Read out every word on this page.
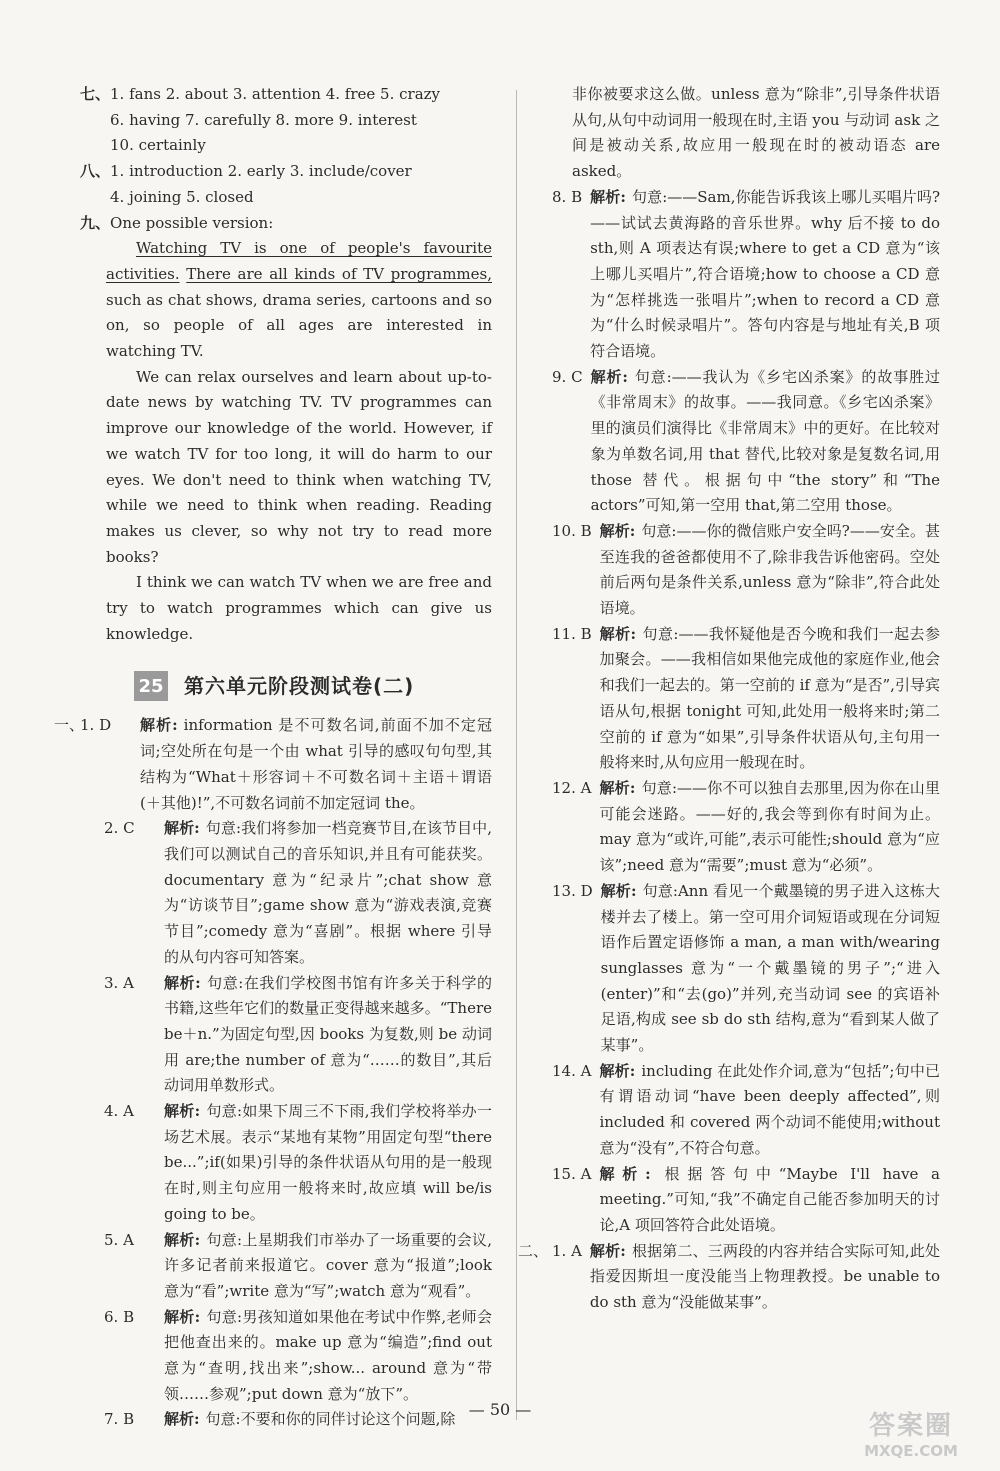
七、 1. fans 2. about 3. attention 4. free 5. crazy

6. having 7. carefully 8. more 9. interest

10. certainly

八、 1. introduction 2. early 3. include/cover

4. joining 5. closed

九、 One possible version:

Watching TV is one of people's favourite activities. There are all kinds of TV programmes, such as chat shows, drama series, cartoons and so on, so people of all ages are interested in watching TV.

We can relax ourselves and learn about up-to-date news by watching TV. TV programmes can improve our knowledge of the world. However, if we watch TV for too long, it will do harm to our eyes. We don't need to think when watching TV, while we need to think when reading. Reading makes us clever, so why not try to read more books?

I think we can watch TV when we are free and try to watch programmes which can give us knowledge.

25 第六单元阶段测试卷(二)
一、
1. D	解析: information 是不可数名词,前面不加不定冠词;空处所在句是一个由 what 引导的感叹句句型,其结构为“What＋形容词＋不可数名词＋主语＋谓语(＋其他)!”,不可数名词前不加定冠词 the。
2. C	解析: 句意:我们将参加一档竞赛节目,在该节目中,我们可以测试自己的音乐知识,并且有可能获奖。documentary 意为“纪录片”;chat show 意为“访谈节目”;game show 意为“游戏表演,竞赛节目”;comedy 意为“喜剧”。根据 where 引导的从句内容可知答案。
3. A	解析: 句意:在我们学校图书馆有许多关于科学的书籍,这些年它们的数量正变得越来越多。“There be＋n.”为固定句型,因 books 为复数,则 be 动词用 are;the number of 意为“……的数目”,其后动词用单数形式。
4. A	解析: 句意:如果下周三不下雨,我们学校将举办一场艺术展。表示“某地有某物”用固定句型“there be...”;if(如果)引导的条件状语从句用的是一般现在时,则主句应用一般将来时,故应填 will be/is going to be。
5. A	解析: 句意:上星期我们市举办了一场重要的会议,许多记者前来报道它。cover 意为“报道”;look 意为“看”;write 意为“写”;watch 意为“观看”。
6. B	解析: 句意:男孩知道如果他在考试中作弊,老师会把他查出来的。make up 意为“编造”;find out 意为“查明,找出来”;show... around 意为“带领……参观”;put down 意为“放下”。
7. B	解析: 句意:不要和你的同伴讨论这个问题,除
非你被要求这么做。unless 意为“除非”,引导条件状语从句,从句中动词用一般现在时,主语 you 与动词 ask 之间是被动关系,故应用一般现在时的被动语态 are asked。
8. B 解析: 句意:——Sam,你能告诉我该上哪儿买唱片吗?——试试去黄海路的音乐世界。why 后不接 to do sth,则 A 项表达有误;where to get a CD 意为“该上哪儿买唱片”,符合语境;how to choose a CD 意为“怎样挑选一张唱片”;when to record a CD 意为“什么时候录唱片”。答句内容是与地址有关,B 项符合语境。
9. C 解析: 句意:——我认为《乡宅凶杀案》的故事胜过《非常周末》的故事。——我同意。《乡宅凶杀案》里的演员们演得比《非常周末》中的更好。在比较对象为单数名词,用 that 替代,比较对象是复数名词,用 those 替代。根据句中“the story”和“The actors”可知,第一空用 that,第二空用 those。
10. B 解析: 句意:——你的微信账户安全吗?——安全。甚至连我的爸爸都使用不了,除非我告诉他密码。空处前后两句是条件关系,unless 意为“除非”,符合此处语境。
11. B 解析: 句意:——我怀疑他是否今晚和我们一起去参加聚会。——我相信如果他完成他的家庭作业,他会和我们一起去的。第一空前的 if 意为“是否”,引导宾语从句,根据 tonight 可知,此处用一般将来时;第二空前的 if 意为“如果”,引导条件状语从句,主句用一般将来时,从句应用一般现在时。
12. A 解析: 句意:——你不可以独自去那里,因为你在山里可能会迷路。——好的,我会等到你有时间为止。may 意为“或许,可能”,表示可能性;should 意为“应该”;need 意为“需要”;must 意为“必须”。
13. D 解析: 句意:Ann 看见一个戴墨镜的男子进入这栋大楼并去了楼上。第一空可用介词短语或现在分词短语作后置定语修饰 a man, a man with/wearing sunglasses 意为“一个戴墨镜的男子”;“进入(enter)”和“去(go)”并列,充当动词 see 的宾语补足语,构成 see sb do sth 结构,意为“看到某人做了某事”。
14. A 解析: including 在此处作介词,意为“包括”;句中已有谓语动词“have been deeply affected”,则 included 和 covered 两个动词不能使用;without 意为“没有”,不符合句意。
15. A 解析: 根据答句中“Maybe I'll have a meeting.”可知,“我”不确定自己能否参加明天的讨论,A 项回答符合此处语境。
二、 1. A 解析: 根据第二、三两段的内容并结合实际可知,此处指爱因斯坦一度没能当上物理教授。be unable to do sth 意为“没能做某事”。
— 50 —
答案圈
MXQE.COM
